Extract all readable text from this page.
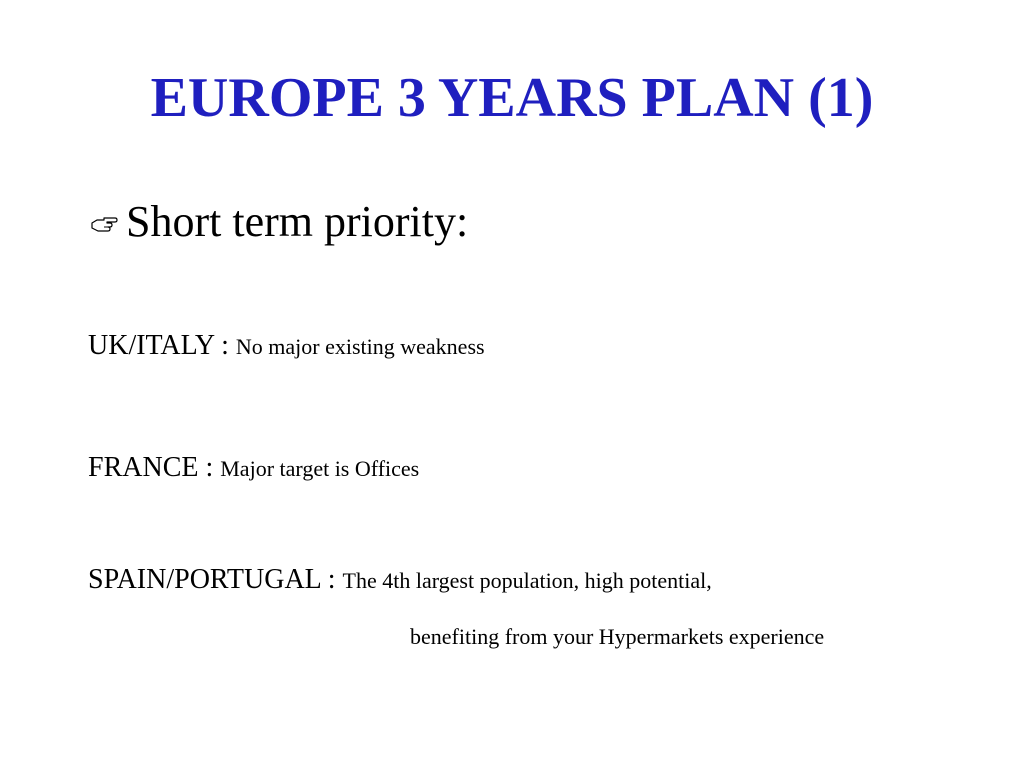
EUROPE 3 YEARS PLAN (1)
Short term priority:
UK/ITALY : No major existing weakness
FRANCE : Major target is Offices
SPAIN/PORTUGAL : The 4th largest population, high potential,
benefiting from your Hypermarkets experience
